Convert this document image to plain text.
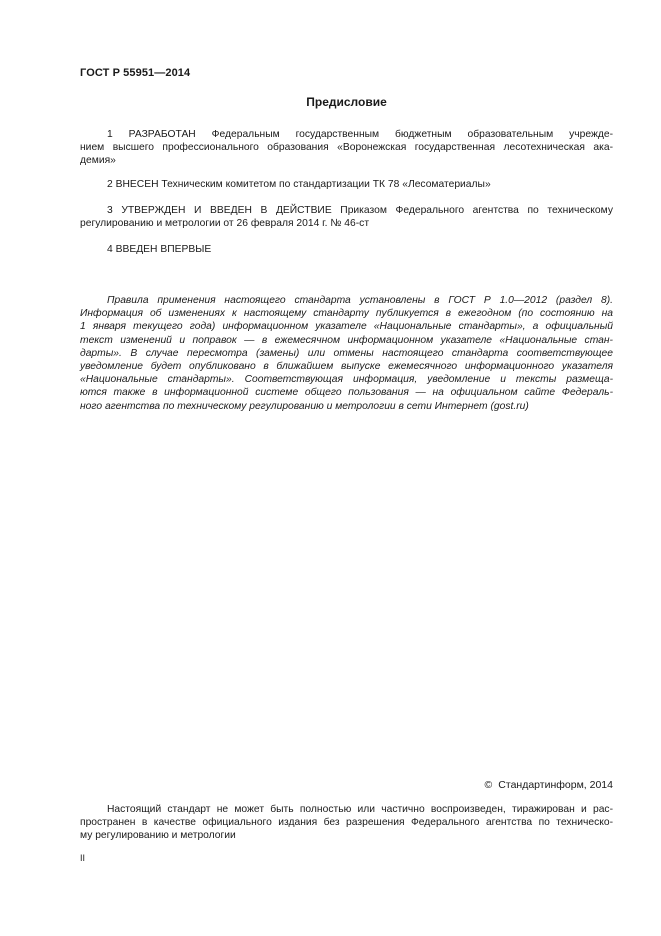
ГОСТ Р 55951—2014
Предисловие
1 РАЗРАБОТАН Федеральным государственным бюджетным образовательным учрежде-
нием высшего профессионального образования «Воронежская государственная лесотехническая ака-
демия»
2 ВНЕСЕН Техническим комитетом по стандартизации ТК 78 «Лесоматериалы»
3 УТВЕРЖДЕН И ВВЕДЕН В ДЕЙСТВИЕ Приказом Федерального агентства по техническому
регулированию и метрологии от 26 февраля 2014 г. № 46-ст
4 ВВЕДЕН ВПЕРВЫЕ
Правила применения настоящего стандарта установлены в ГОСТ Р 1.0—2012 (раздел 8).
Информация об изменениях к настоящему стандарту публикуется в ежегодном (по состоянию на
1 января текущего года) информационном указателе «Национальные стандарты», а официальный
текст изменений и поправок — в ежемесячном информационном указателе «Национальные стан-
дарты». В случае пересмотра (замены) или отмены настоящего стандарта соответствующее
уведомление будет опубликовано в ближайшем выпуске ежемесячного информационного указателя
«Национальные стандарты». Соответствующая информация, уведомление и тексты размеща-
ются также в информационной системе общего пользования — на официальном сайте Федераль-
ного агентства по техническому регулированию и метрологии в сети Интернет (gost.ru)
© Стандартинформ, 2014
Настоящий стандарт не может быть полностью или частично воспроизведен, тиражирован и рас-
пространен в качестве официального издания без разрешения Федерального агентства по техническо-
му регулированию и метрологии
II
